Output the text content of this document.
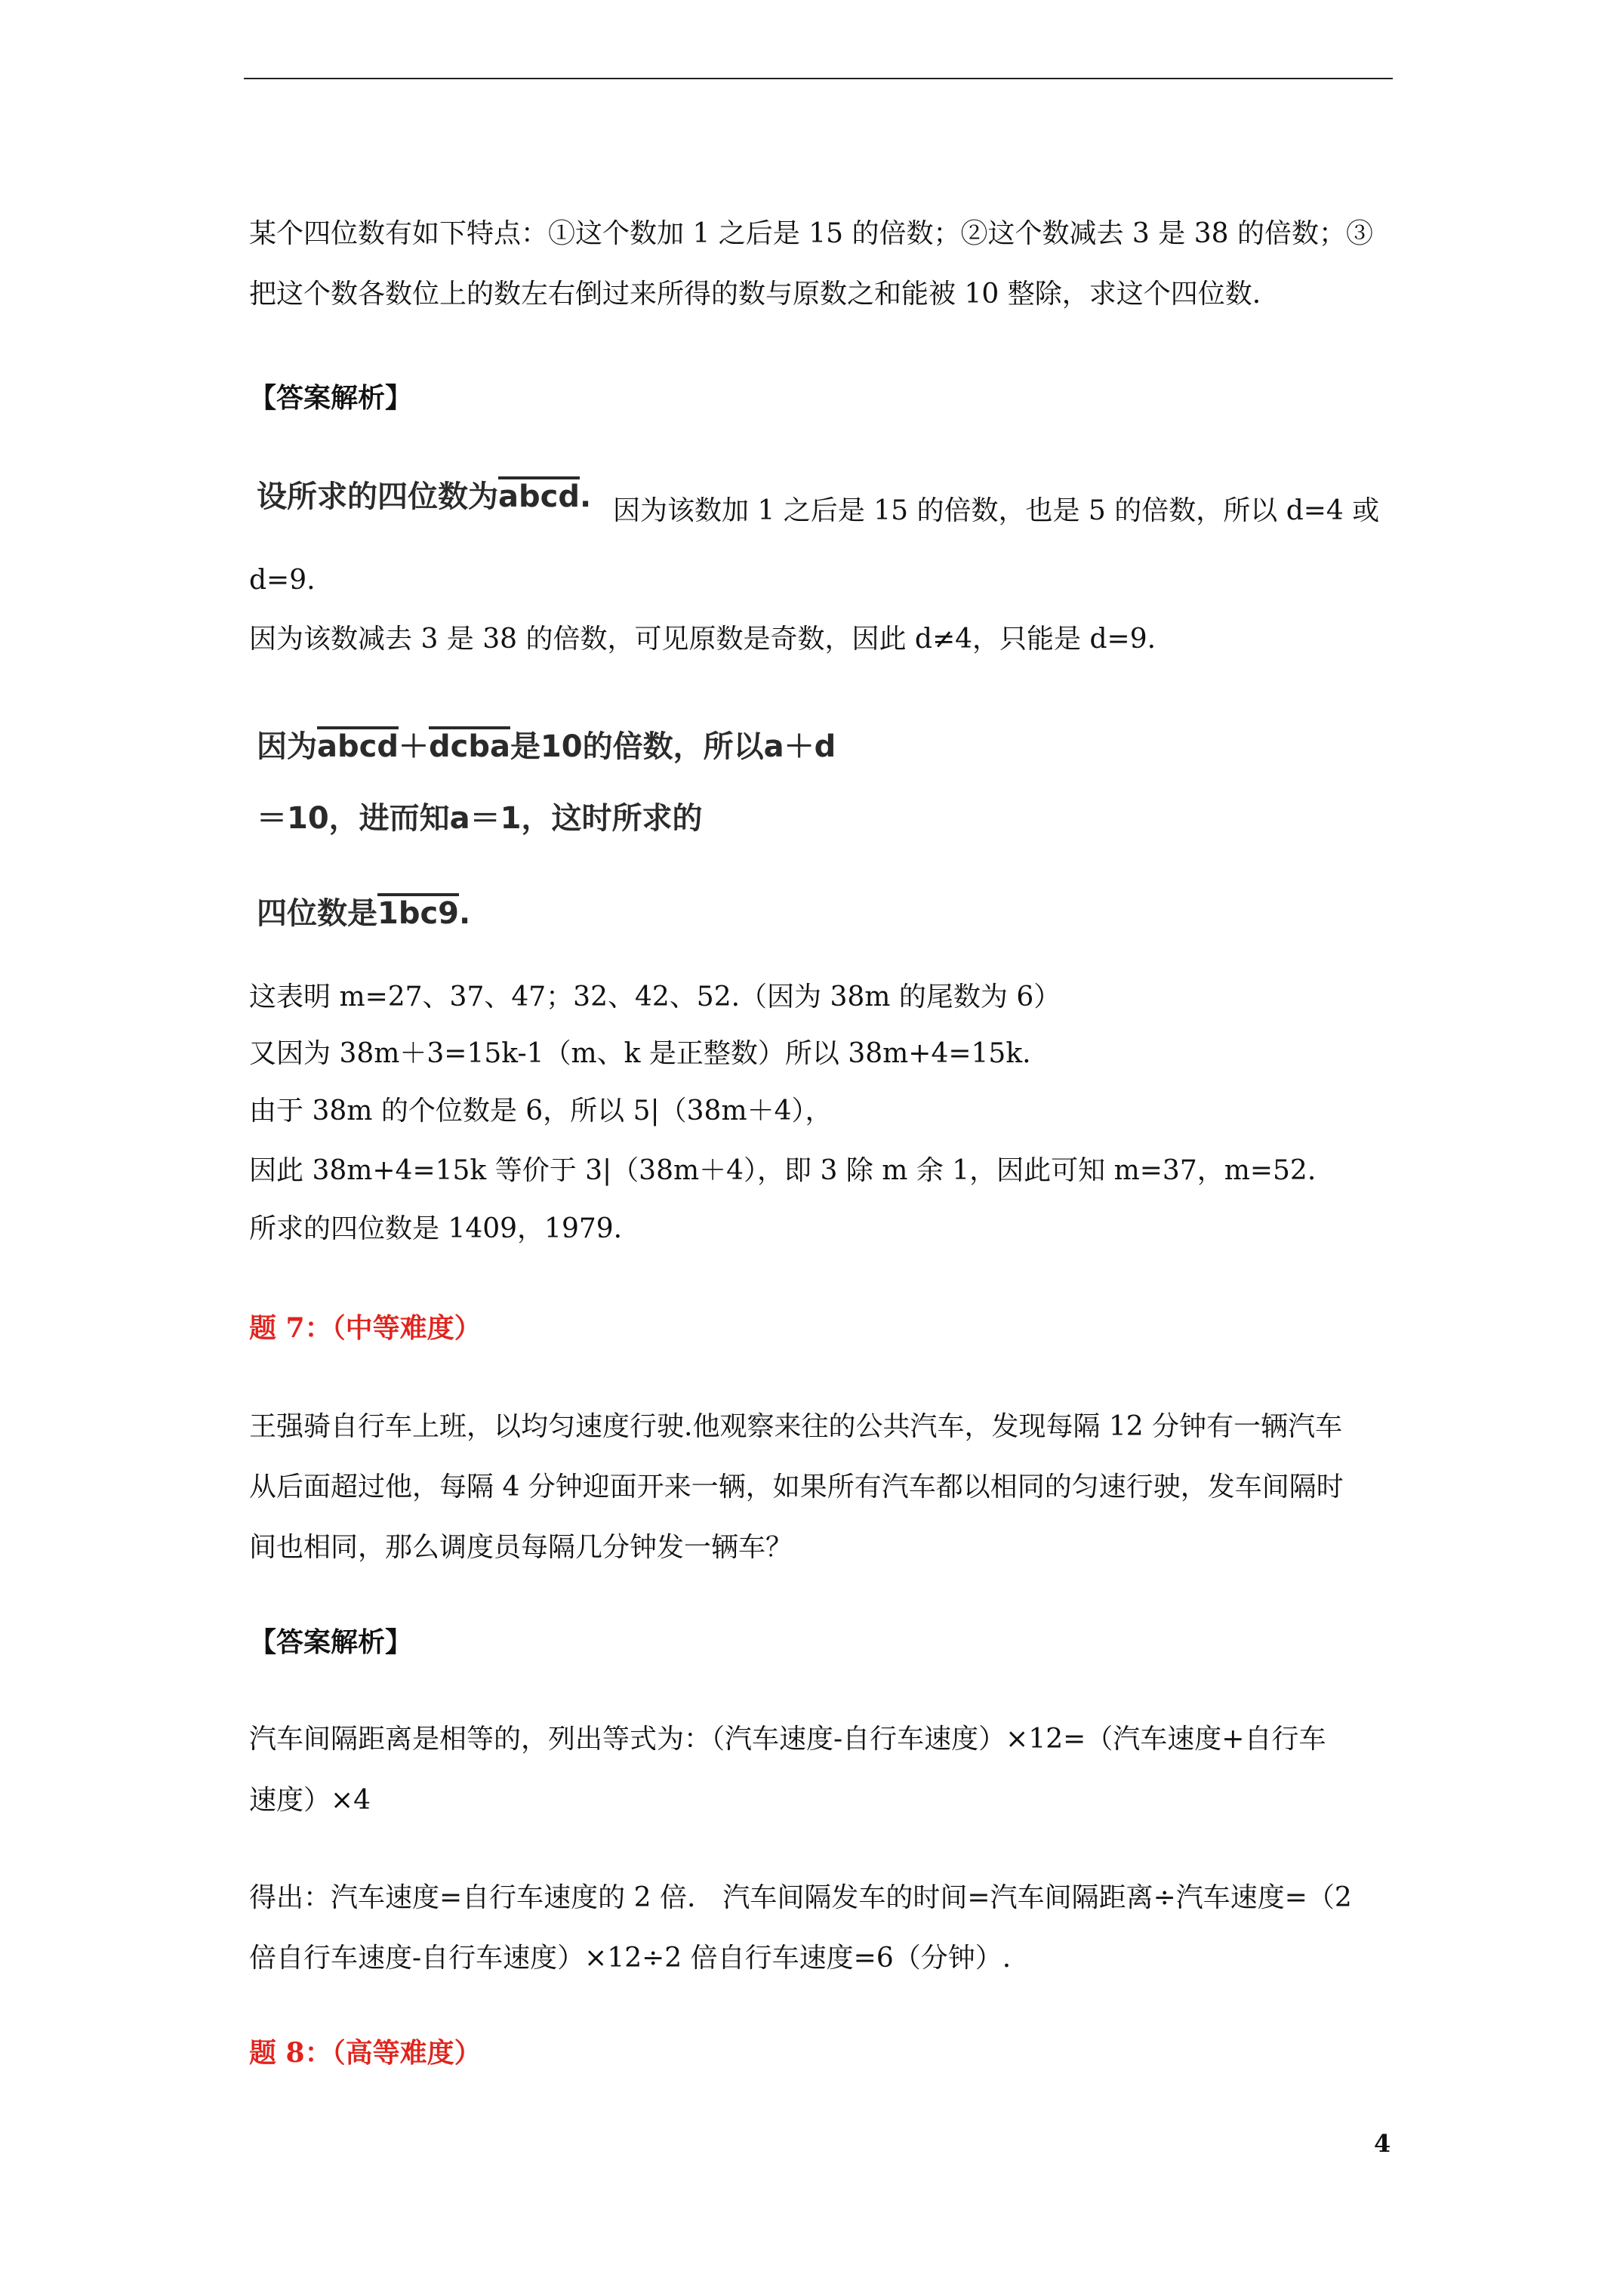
某个四位数有如下特点：①这个数加 1 之后是 15 的倍数；②这个数减去 3 是 38 的倍数；③
把这个数各数位上的数左右倒过来所得的数与原数之和能被 10 整除，求这个四位数.
【答案解析】
设所求的四位数为abcd. 因为该数加 1 之后是 15 的倍数，也是 5 的倍数，所以 d=4 或
d=9.
因为该数减去 3 是 38 的倍数，可见原数是奇数，因此 d≠4，只能是 d=9.
因为abcd＋dcba是10的倍数，所以a＋d
＝10，进而知a＝1，这时所求的
四位数是1bc9.
这表明 m=27、37、47；32、42、52.（因为 38m 的尾数为 6）
又因为 38m＋3=15k-1（m、k 是正整数）所以 38m+4=15k.
由于 38m 的个位数是 6，所以 5|（38m＋4），
因此 38m+4=15k 等价于 3|（38m＋4），即 3 除 m 余 1，因此可知 m=37，m=52.
所求的四位数是 1409，1979.
题 7：（中等难度）
王强骑自行车上班，以均匀速度行驶.他观察来往的公共汽车，发现每隔 12 分钟有一辆汽车
从后面超过他，每隔 4 分钟迎面开来一辆，如果所有汽车都以相同的匀速行驶，发车间隔时
间也相同，那么调度员每隔几分钟发一辆车？
【答案解析】
汽车间隔距离是相等的，列出等式为：（汽车速度-自行车速度）×12=（汽车速度+自行车
速度）×4
得出：汽车速度=自行车速度的 2 倍.　汽车间隔发车的时间=汽车间隔距离÷汽车速度=（2
倍自行车速度-自行车速度）×12÷2 倍自行车速度=6（分钟）.
题 8：（高等难度）
4
